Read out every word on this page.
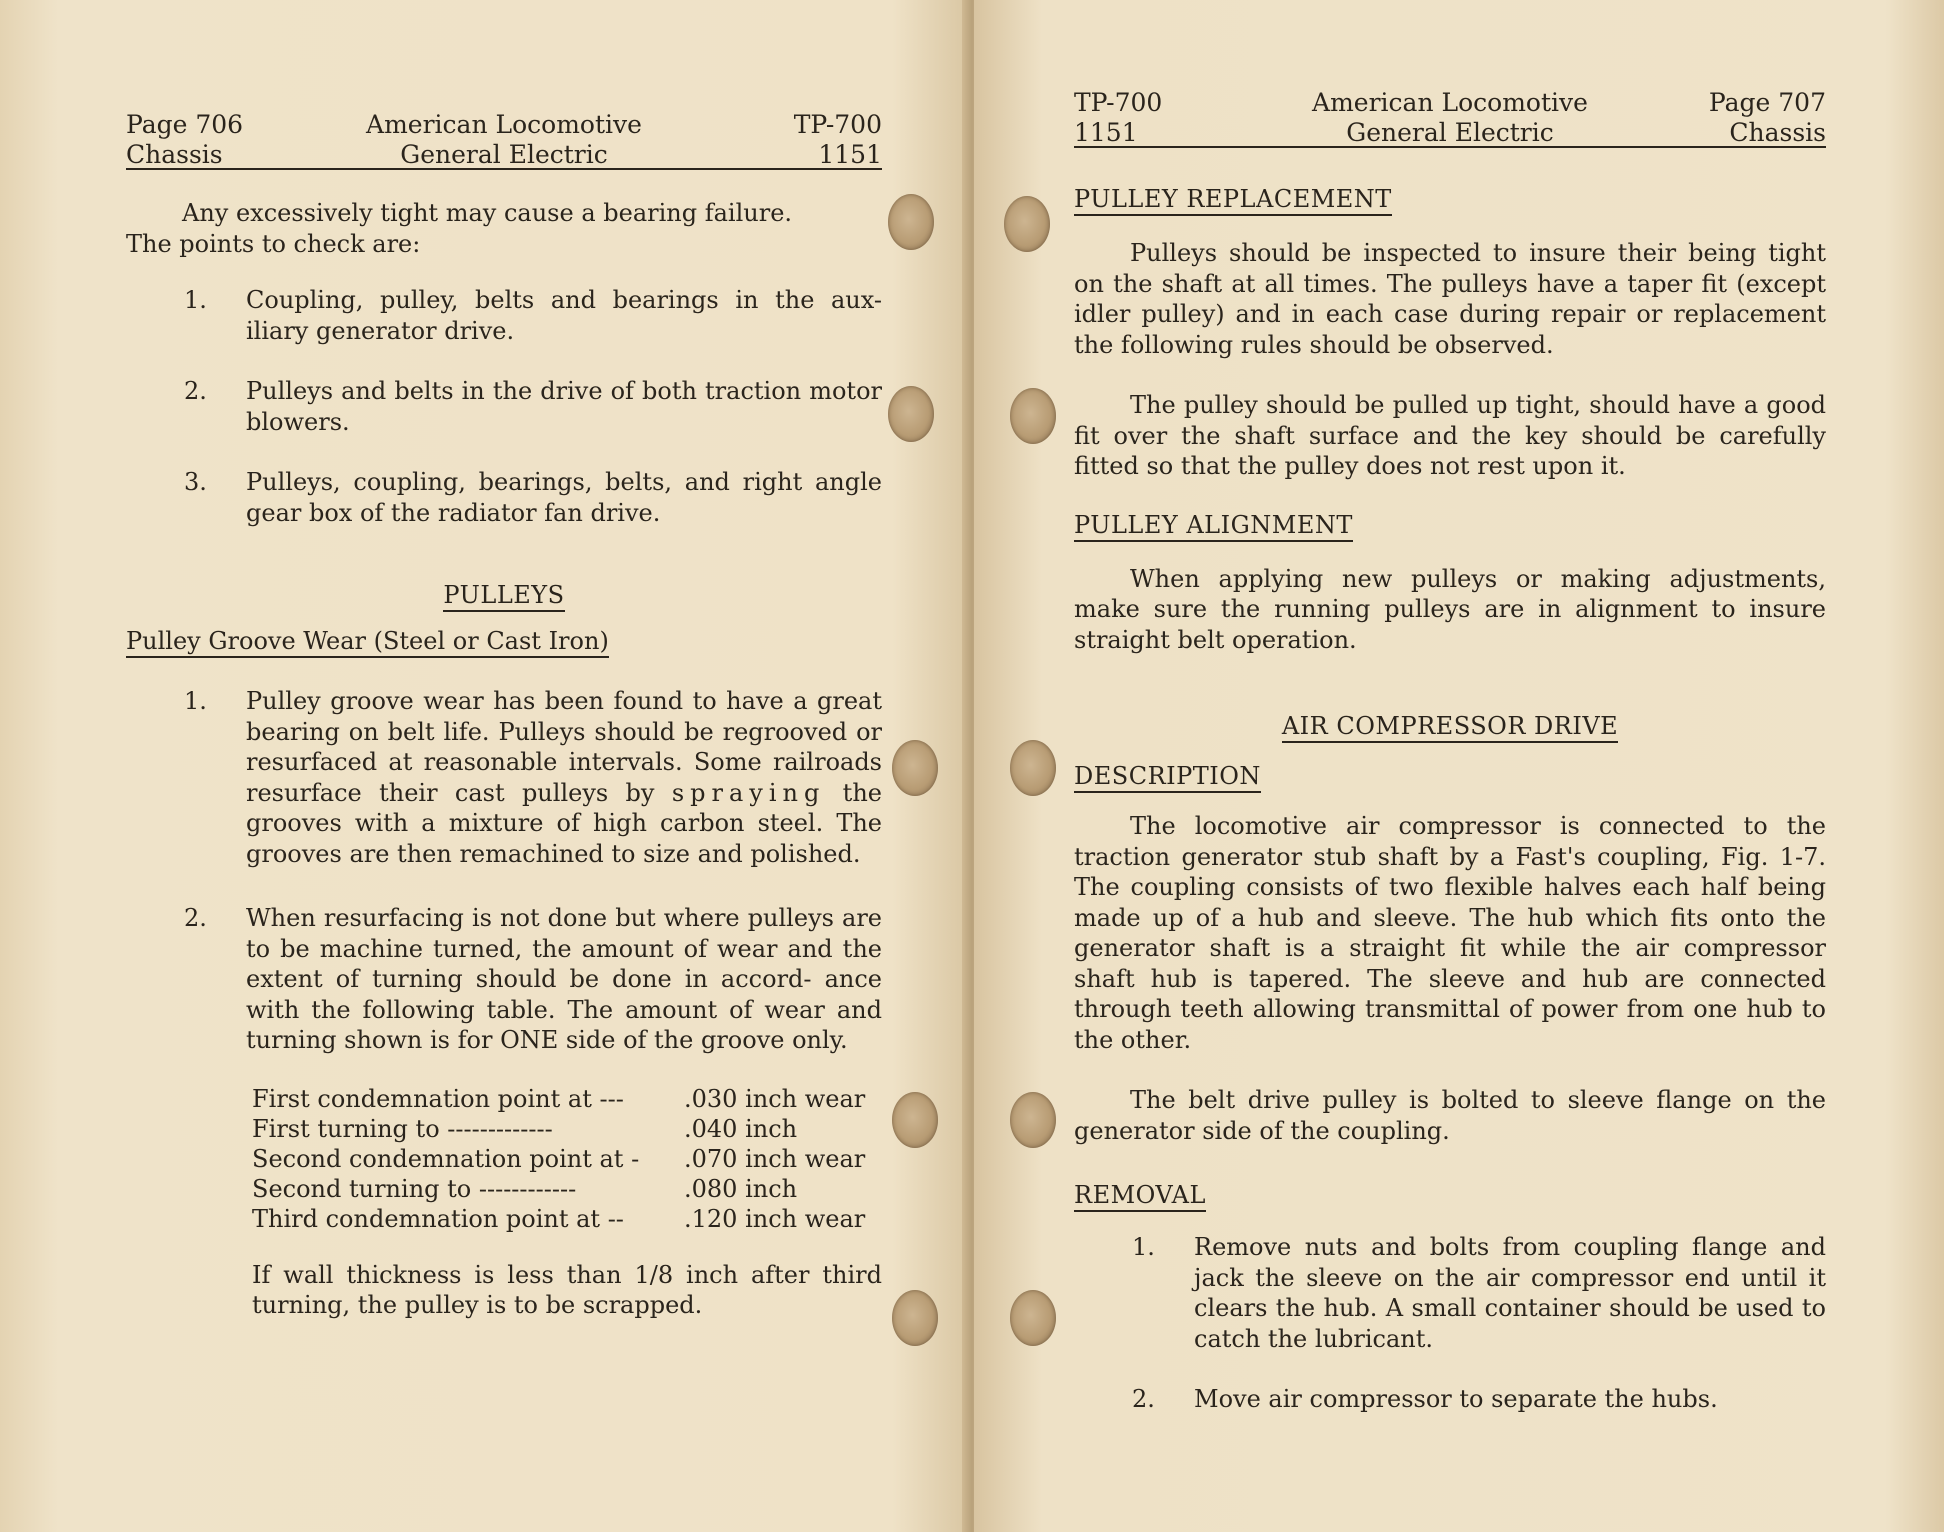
Page 706
Chassis
American Locomotive
General Electric
TP-700
1151

Any excessively tight may cause a bearing failure.

The points to check are:

1. Coupling, pulley, belts and bearings in the aux- iliary generator drive.
2. Pulleys and belts in the drive of both traction motor blowers.
3. Pulleys, coupling, bearings, belts, and right angle gear box of the radiator fan drive.
PULLEYS
Pulley Groove Wear (Steel or Cast Iron)
1. Pulley groove wear has been found to have a great bearing on belt life. Pulleys should be regrooved or resurfaced at reasonable intervals. Some railroads resurface their cast pulleys by spraying the grooves with a mixture of high carbon steel. The grooves are then remachined to size and polished.
2. When resurfacing is not done but where pulleys are to be machine turned, the amount of wear and the extent of turning should be done in accord- ance with the following table. The amount of wear and turning shown is for ONE side of the groove only.
First condemnation point at ---	.030 inch wear
First turning to -------------	.040 inch
Second condemnation point at - .070 inch wear
Second turning to ------------	.080 inch
Third condemnation point at --	.120 inch wear

If wall thickness is less than 1/8 inch after third turning, the pulley is to be scrapped.

TP-700
1151
American Locomotive
General Electric
Page 707
Chassis
PULLEY REPLACEMENT

Pulleys should be inspected to insure their being tight on the shaft at all times. The pulleys have a taper fit (except idler pulley) and in each case during repair or replacement the following rules should be observed.

The pulley should be pulled up tight, should have a good fit over the shaft surface and the key should be carefully fitted so that the pulley does not rest upon it.

PULLEY ALIGNMENT

When applying new pulleys or making adjustments, make sure the running pulleys are in alignment to insure straight belt operation.

AIR COMPRESSOR DRIVE
DESCRIPTION

The locomotive air compressor is connected to the traction generator stub shaft by a Fast's coupling, Fig. 1-7. The coupling consists of two flexible halves each half being made up of a hub and sleeve. The hub which fits onto the generator shaft is a straight fit while the air compressor shaft hub is tapered. The sleeve and hub are connected through teeth allowing transmittal of power from one hub to the other.

The belt drive pulley is bolted to sleeve flange on the generator side of the coupling.

REMOVAL
1. Remove nuts and bolts from coupling flange and jack the sleeve on the air compressor end until it clears the hub. A small container should be used to catch the lubricant.
2. Move air compressor to separate the hubs.
